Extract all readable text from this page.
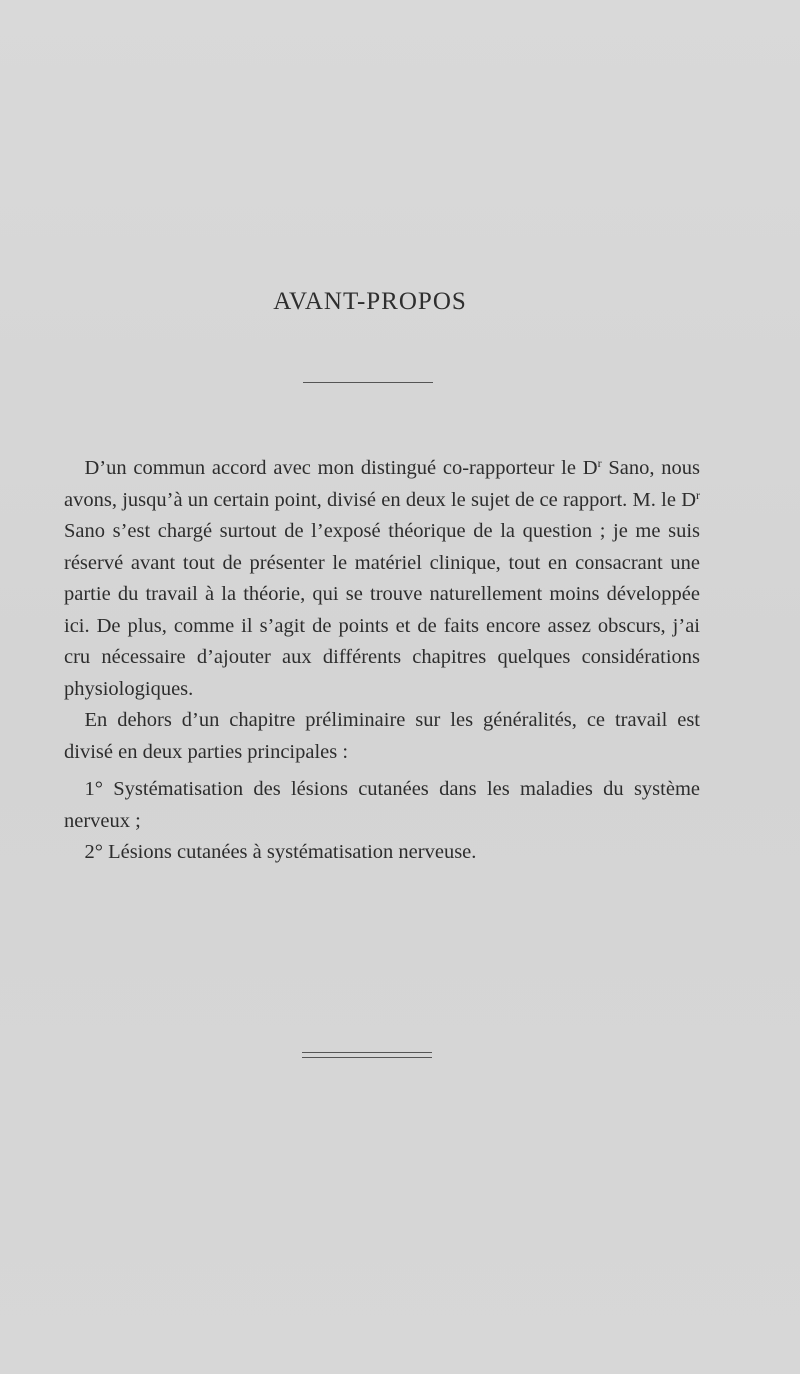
AVANT-PROPOS

  D’un commun accord avec mon distingué co-rapporteur le $D^r$ Sano, nous avons, jusqu’à un certain point, divisé en deux le sujet de ce rapport. M. le $D^r$ Sano s’est chargé surtout de l’exposé théorique de la question ; je me suis réservé avant tout de présenter le matériel clinique, tout en consacrant une partie du travail à la théorie, qui se trouve naturellement moins développée ici. De plus, comme il s’agit de points et de faits encore assez obscurs, j’ai cru nécessaire d’ajouter aux différents chapitres quelques considérations physiologiques.

  En dehors d’un chapitre préliminaire sur les généralités, ce travail est divisé en deux parties principales :

  1° Systématisation des lésions cutanées dans les maladies du système nerveux ;

  2° Lésions cutanées à systématisation nerveuse.
